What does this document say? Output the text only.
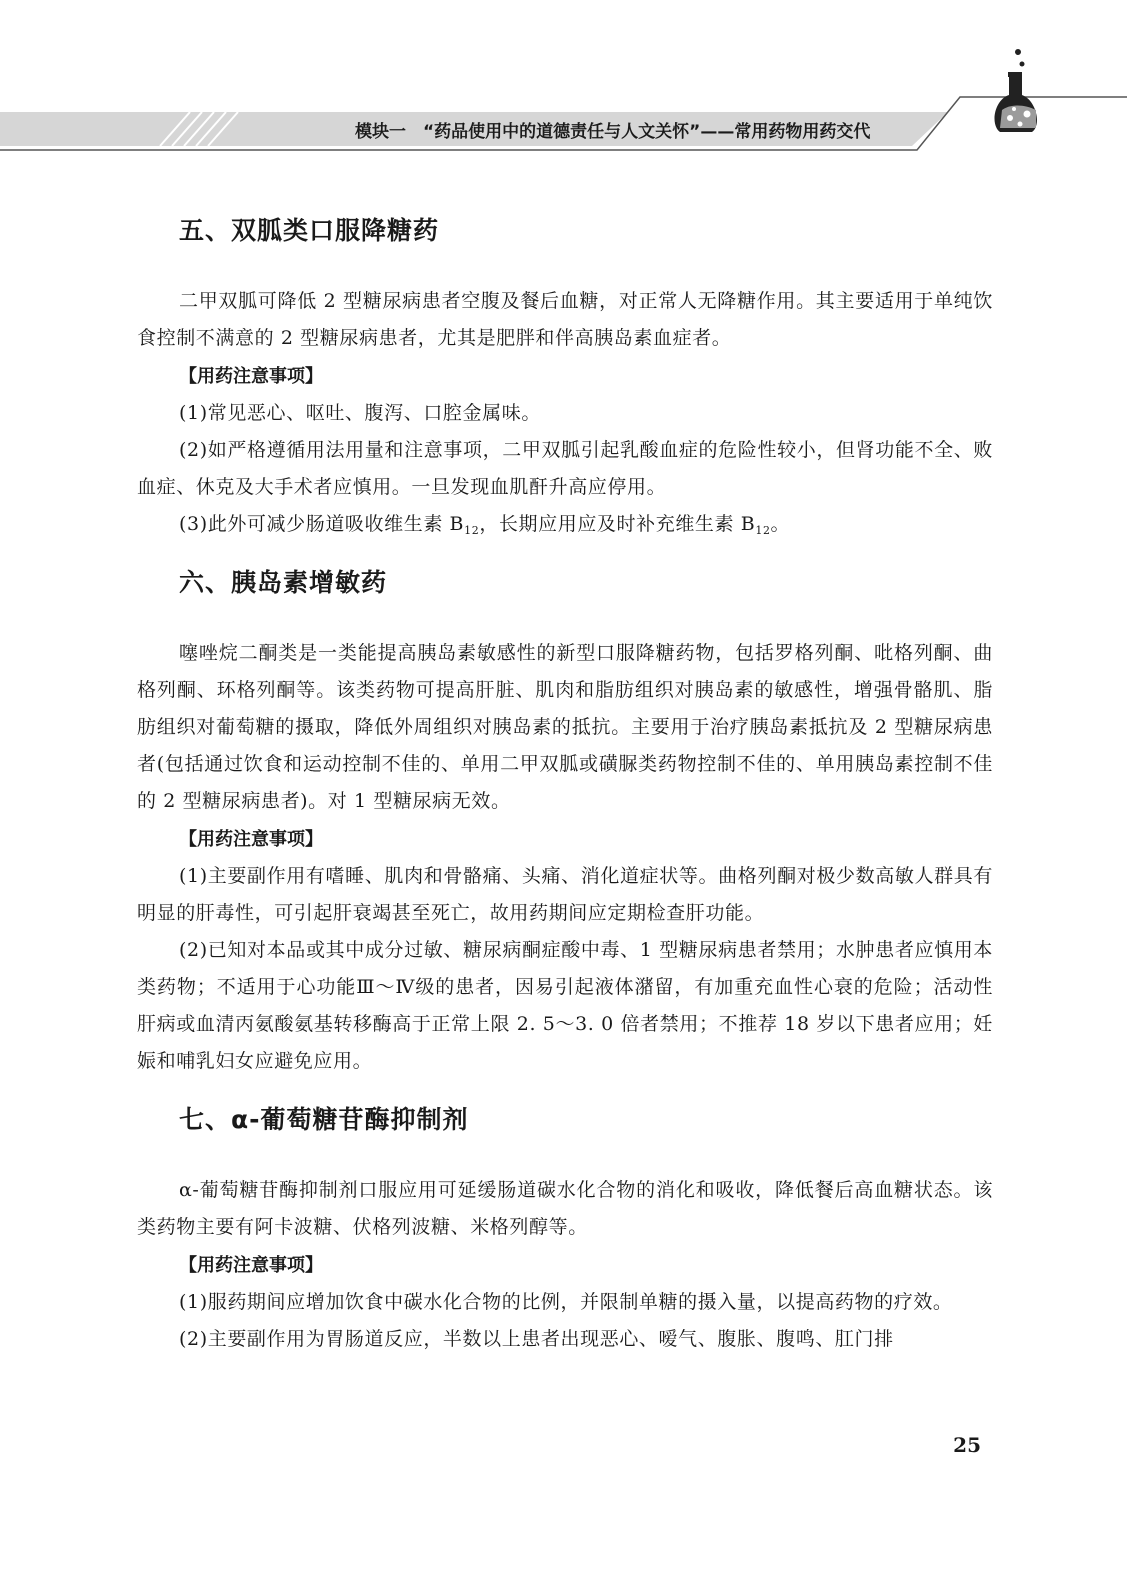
模块一　“药品使用中的道德责任与人文关怀”——常用药物用药交代
五、双胍类口服降糖药

二甲双胍可降低 2 型糖尿病患者空腹及餐后血糖，对正常人无降糖作用。其主要适用于单纯饮食控制不满意的 2 型糖尿病患者，尤其是肥胖和伴高胰岛素血症者。

【用药注意事项】

(1)常见恶心、呕吐、腹泻、口腔金属味。

(2)如严格遵循用法用量和注意事项，二甲双胍引起乳酸血症的危险性较小，但肾功能不全、败血症、休克及大手术者应慎用。一旦发现血肌酐升高应停用。

(3)此外可减少肠道吸收维生素 $B_{12}$，长期应用应及时补充维生素 $B_{12}$。

六、胰岛素增敏药

噻唑烷二酮类是一类能提高胰岛素敏感性的新型口服降糖药物，包括罗格列酮、吡格列酮、曲格列酮、环格列酮等。该类药物可提高肝脏、肌肉和脂肪组织对胰岛素的敏感性，增强骨骼肌、脂肪组织对葡萄糖的摄取，降低外周组织对胰岛素的抵抗。主要用于治疗胰岛素抵抗及 2 型糖尿病患者(包括通过饮食和运动控制不佳的、单用二甲双胍或磺脲类药物控制不佳的、单用胰岛素控制不佳的 2 型糖尿病患者)。对 1 型糖尿病无效。

【用药注意事项】

(1)主要副作用有嗜睡、肌肉和骨骼痛、头痛、消化道症状等。曲格列酮对极少数高敏人群具有明显的肝毒性，可引起肝衰竭甚至死亡，故用药期间应定期检查肝功能。

(2)已知对本品或其中成分过敏、糖尿病酮症酸中毒、1 型糖尿病患者禁用；水肿患者应慎用本类药物；不适用于心功能Ⅲ～Ⅳ级的患者，因易引起液体潴留，有加重充血性心衰的危险；活动性肝病或血清丙氨酸氨基转移酶高于正常上限 2. 5～3. 0 倍者禁用；不推荐 18 岁以下患者应用；妊娠和哺乳妇女应避免应用。

七、α-葡萄糖苷酶抑制剂

α-葡萄糖苷酶抑制剂口服应用可延缓肠道碳水化合物的消化和吸收，降低餐后高血糖状态。该类药物主要有阿卡波糖、伏格列波糖、米格列醇等。

【用药注意事项】

(1)服药期间应增加饮食中碳水化合物的比例，并限制单糖的摄入量，以提高药物的疗效。

(2)主要副作用为胃肠道反应，半数以上患者出现恶心、嗳气、腹胀、腹鸣、肛门排

25
